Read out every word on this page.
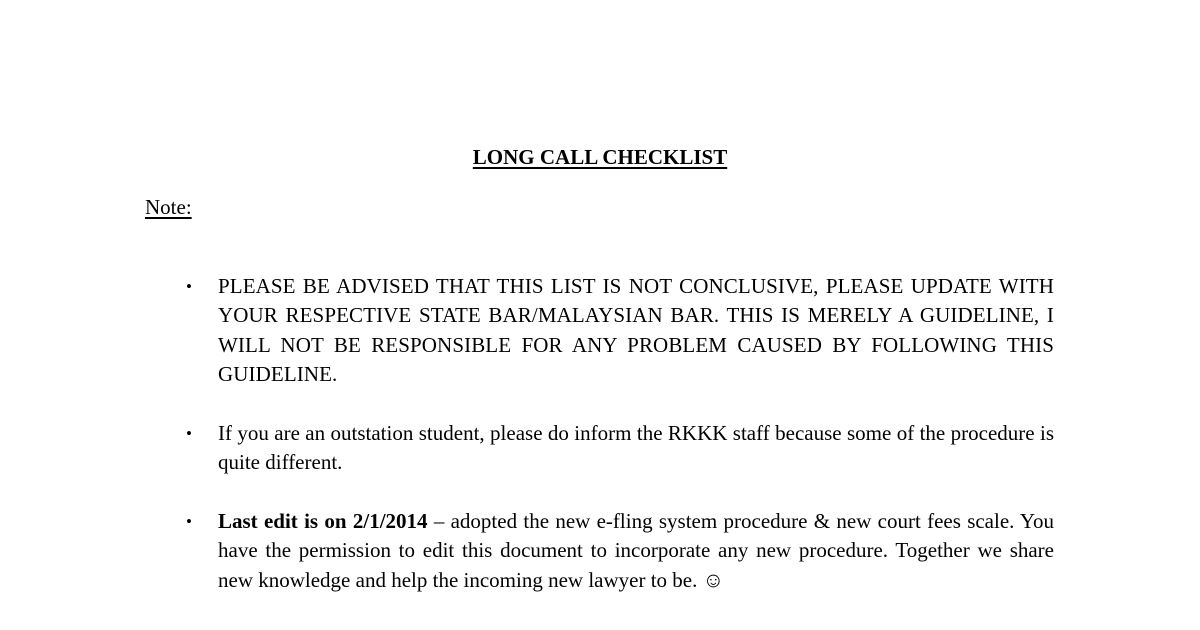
LONG CALL CHECKLIST
Note:
• PLEASE BE ADVISED THAT THIS LIST IS NOT CONCLUSIVE, PLEASE UPDATE WITH YOUR RESPECTIVE STATE BAR/MALAYSIAN BAR. THIS IS MERELY A GUIDELINE, I WILL NOT BE RESPONSIBLE FOR ANY PROBLEM CAUSED BY FOLLOWING THIS GUIDELINE.
• If you are an outstation student, please do inform the RKKK staff because some of the procedure is quite different.
• Last edit is on 2/1/2014 – adopted the new e-fling system procedure & new court fees scale. You have the permission to edit this document to incorporate any new procedure. Together we share new knowledge and help the incoming new lawyer to be. ☺
